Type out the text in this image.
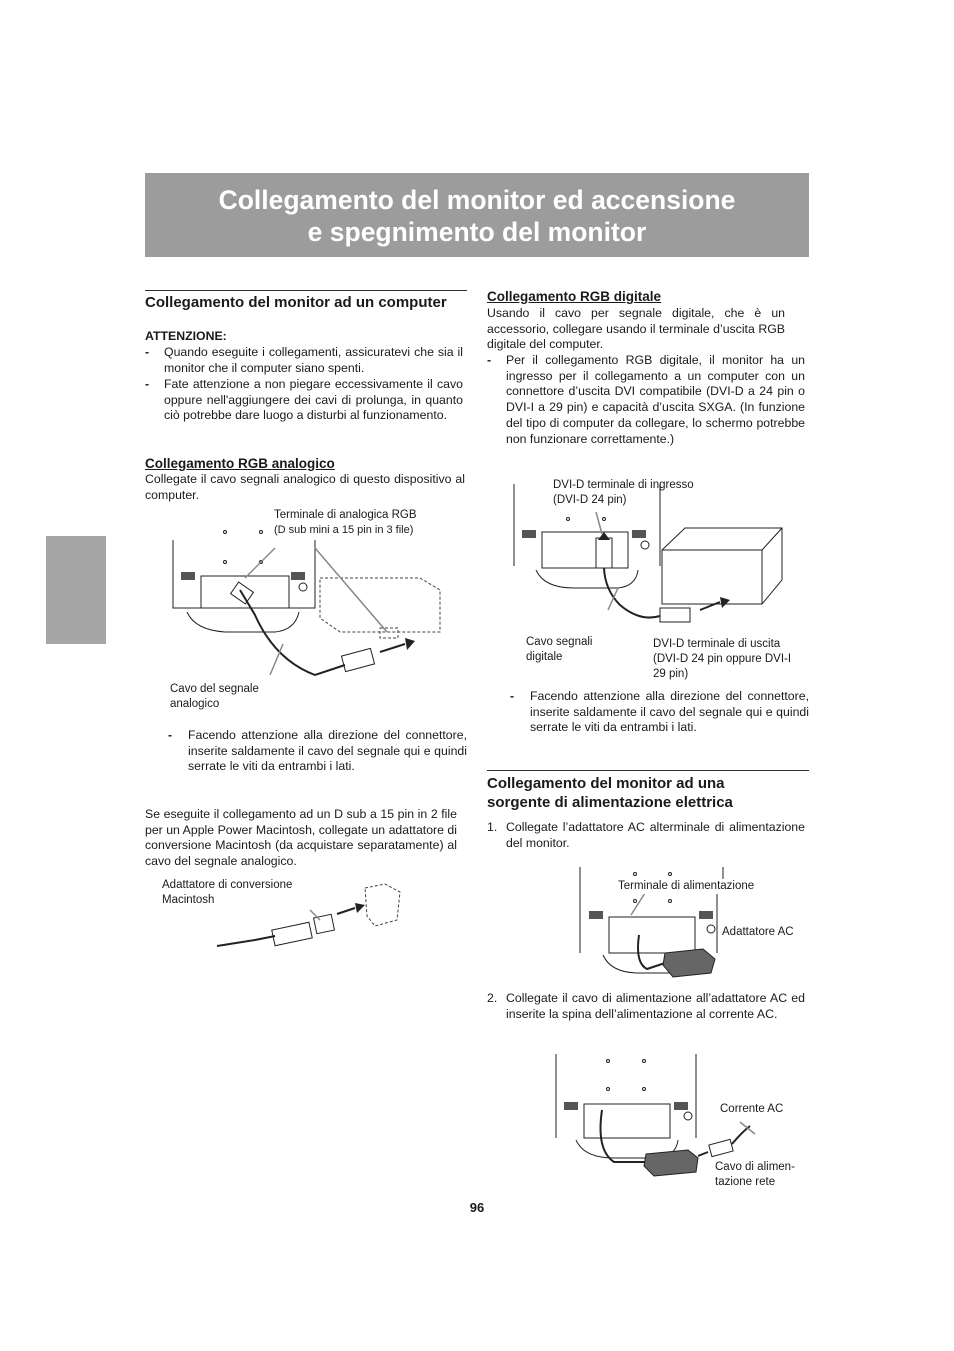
Collegamento del monitor ed accensione
e spegnimento del monitor
Collegamento del monitor ad un computer
ATTENZIONE:
- Quando eseguite i collegamenti, assicuratevi che sia il monitor che il computer siano spenti.
- Fate attenzione a non piegare eccessivamente il cavo oppure nell'aggiungere dei cavi di prolunga, in quanto ciò potrebbe dare luogo a disturbi al funzionamento.
Collegamento RGB analogico
Collegate il cavo segnali analogico di questo dispositivo al computer.
Terminale di analogica RGB
(D sub mini a 15 pin in 3 file)
Cavo del segnale
analogico
- Facendo attenzione alla direzione del connettore, inserite saldamente il cavo del segnale qui e quindi serrate le viti da entrambi i lati.
Se eseguite il collegamento ad un D sub a 15 pin in 2 file per un Apple Power Macintosh, collegate un adattatore di conversione Macintosh (da acquistare separatamente) al cavo del segnale analogico.
Adattatore di conversione
Macintosh
Collegamento RGB digitale
Usando il cavo per segnale digitale, che è un accessorio, collegare usando il terminale d’uscita RGB digitale del computer.
- Per il collegamento RGB digitale, il monitor ha un ingresso per il collegamento a un computer con un connettore d’uscita DVI compatibile (DVI-D a 24 pin o DVI-I a 29 pin) e capacità d’uscita SXGA. (In funzione del tipo di computer da collegare, lo schermo potrebbe non funzionare correttamente.)
DVI-D terminale di ingresso
(DVI-D 24 pin)
Cavo segnali
digitale
DVI-D terminale di uscita
(DVI-D 24 pin oppure DVI-I
29 pin)
- Facendo attenzione alla direzione del connettore, inserite saldamente il cavo del segnale qui e quindi serrate le viti da entrambi i lati.
Collegamento del monitor ad una
sorgente di alimentazione elettrica
1. Collegate l’adattatore AC alterminale di alimentazione del monitor.
Terminale di alimentazione
Adattatore AC
2. Collegate il cavo di alimentazione all’adattatore AC ed inserite la spina dell’alimentazione al corrente AC.
Corrente AC
Cavo di alimen-
tazione rete
96
